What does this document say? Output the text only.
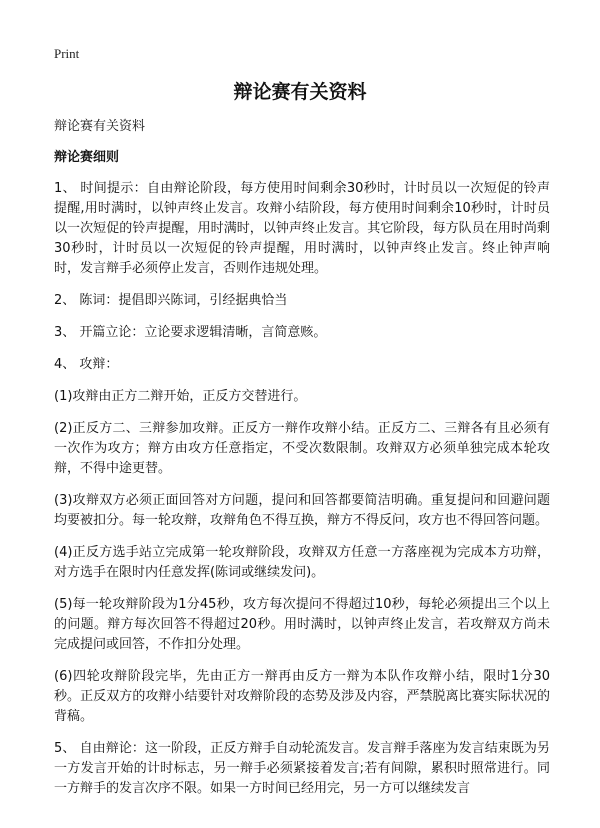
Print
辩论赛有关资料

辩论赛有关资料

辩论赛细则

1、 时间提示：自由辩论阶段，每方使用时间剩余30秒时，计时员以一次短促的铃声提醒,用时满时，以钟声终止发言。攻辩小结阶段，每方使用时间剩余10秒时，计时员以一次短促的铃声提醒，用时满时，以钟声终止发言。其它阶段，每方队员在用时尚剩30秒时，计时员以一次短促的铃声提醒，用时满时，以钟声终止发言。终止钟声响时，发言辩手必须停止发言，否则作违规处理。

2、 陈词：提倡即兴陈词，引经据典恰当

3、 开篇立论：立论要求逻辑清晰，言简意赅。

4、 攻辩：

(1)攻辩由正方二辩开始，正反方交替进行。

(2)正反方二、三辩参加攻辩。正反方一辩作攻辩小结。正反方二、三辩各有且必须有一次作为攻方；辩方由攻方任意指定，不受次数限制。攻辩双方必须单独完成本轮攻辩，不得中途更替。

(3)攻辩双方必须正面回答对方问题，提问和回答都要简洁明确。重复提问和回避问题均要被扣分。每一轮攻辩，攻辩角色不得互换，辩方不得反问，攻方也不得回答问题。

(4)正反方选手站立完成第一轮攻辩阶段，攻辩双方任意一方落座视为完成本方功辩，对方选手在限时内任意发挥(陈词或继续发问)。

(5)每一轮攻辩阶段为1分45秒，攻方每次提问不得超过10秒，每轮必须提出三个以上的问题。辩方每次回答不得超过20秒。用时满时，以钟声终止发言，若攻辩双方尚未完成提问或回答，不作扣分处理。

(6)四轮攻辩阶段完毕，先由正方一辩再由反方一辩为本队作攻辩小结，限时1分30秒。正反双方的攻辩小结要针对攻辩阶段的态势及涉及内容，严禁脱离比赛实际状况的背稿。

5、 自由辩论：这一阶段，正反方辩手自动轮流发言。发言辩手落座为发言结束既为另一方发言开始的计时标志，另一辩手必须紧接着发言;若有间隙，累积时照常进行。同一方辩手的发言次序不限。如果一方时间已经用完，另一方可以继续发言
